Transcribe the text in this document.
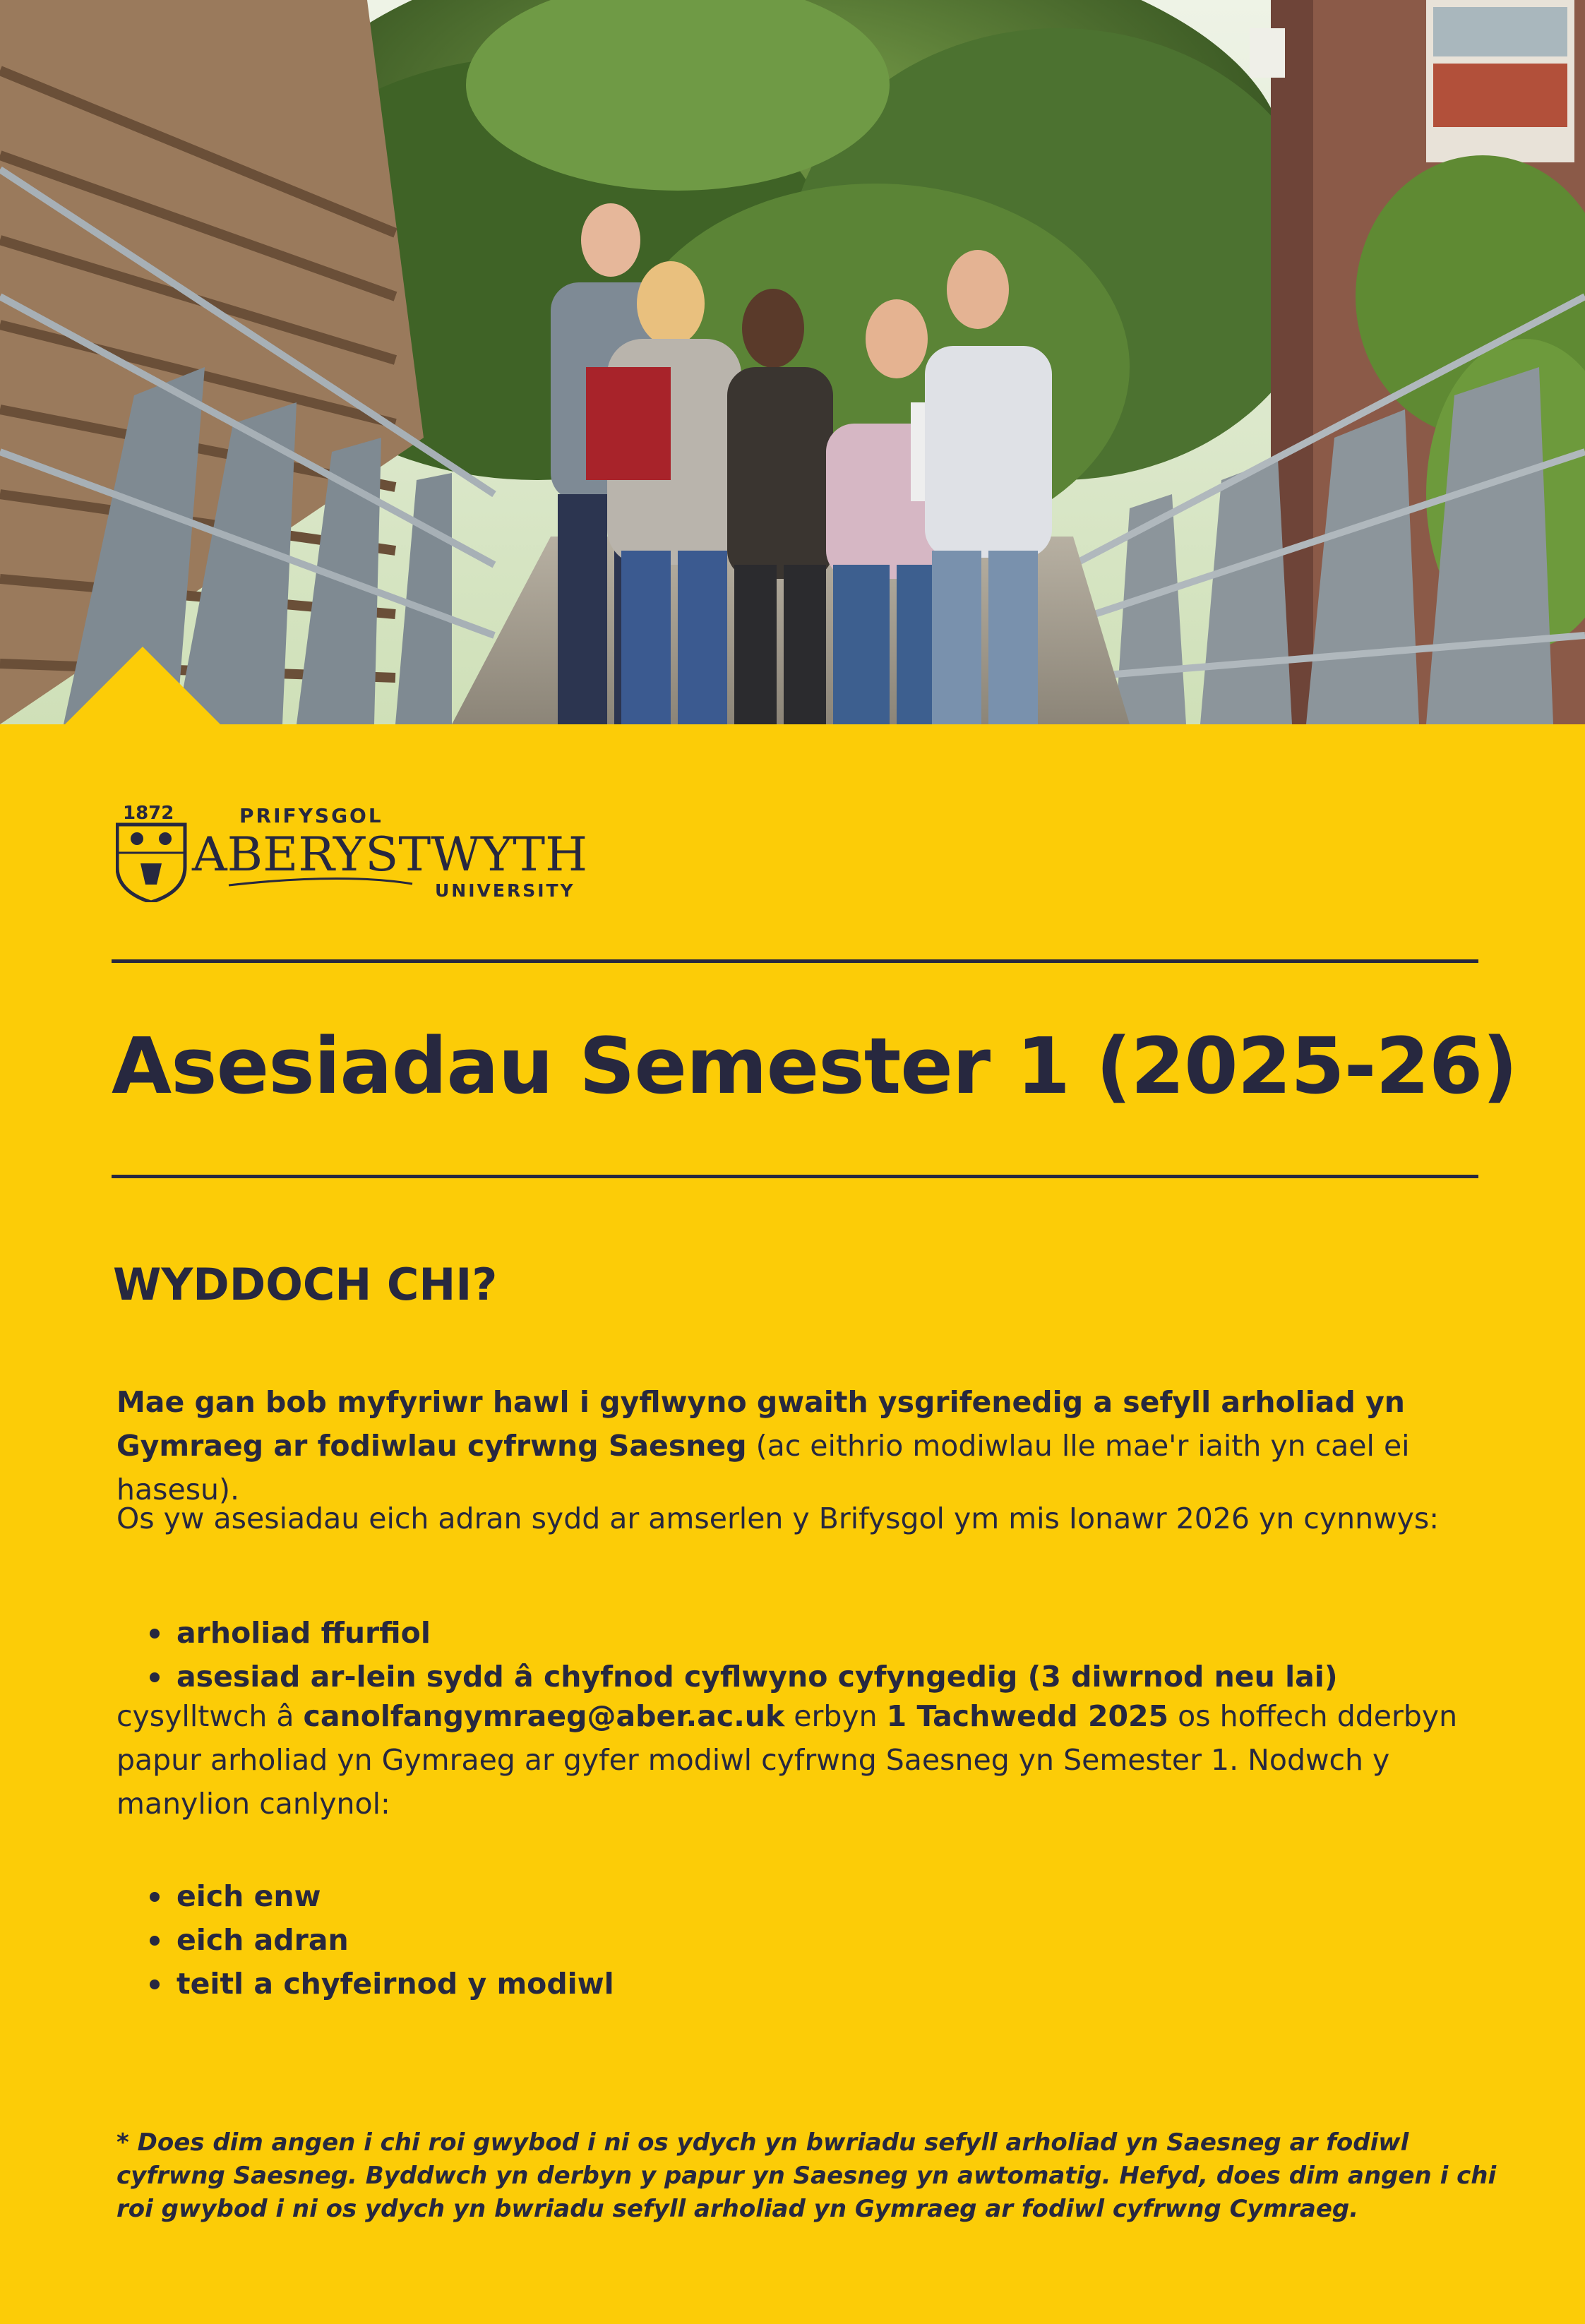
1872	PRIFYSGOL
ABERYSTWYTH
UNIVERSITY
Asesiadau Semester 1 (2025-26)
WYDDOCH CHI?

Mae gan bob myfyriwr hawl i gyflwyno gwaith ysgrifenedig a sefyll arholiad yn Gymraeg ar fodiwlau cyfrwng Saesneg (ac eithrio modiwlau lle mae'r iaith yn cael ei hasesu).

Os yw asesiadau eich adran sydd ar amserlen y Brifysgol ym mis Ionawr 2026 yn cynnwys:

arholiad ffurfiol
asesiad ar-lein sydd â chyfnod cyflwyno cyfyngedig (3 diwrnod neu lai)

cysylltwch â canolfangymraeg@aber.ac.uk erbyn 1 Tachwedd 2025 os hoffech dderbyn papur arholiad yn Gymraeg ar gyfer modiwl cyfrwng Saesneg yn Semester 1. Nodwch y manylion canlynol:

eich enw
eich adran
teitl a chyfeirnod y modiwl

* Does dim angen i chi roi gwybod i ni os ydych yn bwriadu sefyll arholiad yn Saesneg ar fodiwl cyfrwng Saesneg. Byddwch yn derbyn y papur yn Saesneg yn awtomatig. Hefyd, does dim angen i chi roi gwybod i ni os ydych yn bwriadu sefyll arholiad yn Gymraeg ar fodiwl cyfrwng Cymraeg.
